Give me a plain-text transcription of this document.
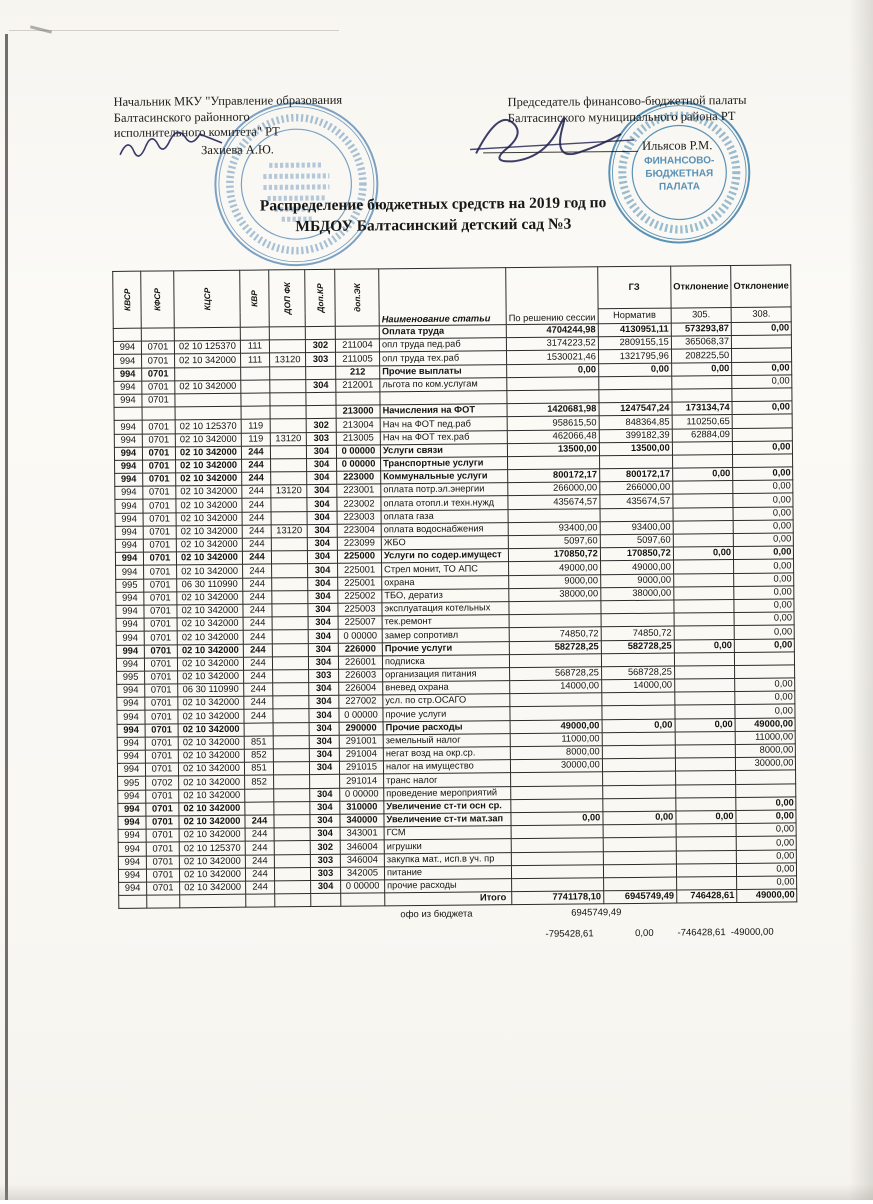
Начальник МКУ "Управление образования
Балтасинского районного
исполнительного комитета" РТ
Захиева А.Ю.
Председатель финансово-бюджетной палаты
Балтасинского муниципального района РТ
Ильясов Р.М.
ФИНАНСОВО-
БЮДЖЕТНАЯ
ПАЛАТА
Распределение бюджетных средств на 2019 год по
МБДОУ Балтасинский детский сад №3
КВСР	КФСР	КЦСР	КВР	ДОП ФК	Доп.КР	доп.ЭК	Наименование статьи	По решению сессии	ГЗ	Отклонение	Отклонение
									Норматив	305.	308.
							Оплата труда	4704244,98	4130951,11	573293,87	0,00
994	0701	02 10 125370	111		302	211004	опл труда пед.раб	3174223,52	2809155,15	365068,37	
994	0701	02 10 342000	111	13120	303	211005	опл труда тех.раб	1530021,46	1321795,96	208225,50	
994	0701					212	Прочие выплаты	0,00	0,00	0,00	0,00
994	0701	02 10 342000			304	212001	льгота по ком.услугам				0,00
994	0701										
						213000	Начисления на ФОТ	1420681,98	1247547,24	173134,74	0,00
994	0701	02 10 125370	119		302	213004	Нач на ФОТ пед.раб	958615,50	848364,85	110250,65	
994	0701	02 10 342000	119	13120	303	213005	Нач на ФОТ тех.раб	462066,48	399182,39	62884,09	
994	0701	02 10 342000	244		304	0 00000	Услуги связи	13500,00	13500,00		0,00
994	0701	02 10 342000	244		304	0 00000	Транспортные услуги				
994	0701	02 10 342000	244		304	223000	Коммунальные услуги	800172,17	800172,17	0,00	0,00
994	0701	02 10 342000	244	13120	304	223001	оплата потр.эл.энергии	266000,00	266000,00		0,00
994	0701	02 10 342000	244		304	223002	оплата отопл.и техн.нужд	435674,57	435674,57		0,00
994	0701	02 10 342000	244		304	223003	оплата газа				0,00
994	0701	02 10 342000	244	13120	304	223004	оплата водоснабжения	93400,00	93400,00		0,00
994	0701	02 10 342000	244		304	223099	ЖБО	5097,60	5097,60		0,00
994	0701	02 10 342000	244		304	225000	Услуги по содер.имущест	170850,72	170850,72	0,00	0,00
994	0701	02 10 342000	244		304	225001	Стрел монит, ТО АПС	49000,00	49000,00		0,00
995	0701	06 30 110990	244		304	225001	охрана	9000,00	9000,00		0,00
994	0701	02 10 342000	244		304	225002	ТБО, дератиз	38000,00	38000,00		0,00
994	0701	02 10 342000	244		304	225003	эксплуатация котельных				0,00
994	0701	02 10 342000	244		304	225007	тек.ремонт				0,00
994	0701	02 10 342000	244		304	0 00000	замер сопротивл	74850,72	74850,72		0,00
994	0701	02 10 342000	244		304	226000	Прочие услуги	582728,25	582728,25	0,00	0,00
994	0701	02 10 342000	244		304	226001	подписка				
995	0701	02 10 342000	244		303	226003	организация питания	568728,25	568728,25		
994	0701	06 30 110990	244		304	226004	вневед охрана	14000,00	14000,00		0,00
994	0701	02 10 342000	244		304	227002	усл. по стр.ОСАГО				0,00
994	0701	02 10 342000	244		304	0 00000	прочие услуги				0,00
994	0701	02 10 342000			304	290000	Прочие расходы	49000,00	0,00	0,00	49000,00
994	0701	02 10 342000	851		304	291001	земельный налог	11000,00			11000,00
994	0701	02 10 342000	852		304	291004	негат возд на окр.ср.	8000,00			8000,00
994	0701	02 10 342000	851		304	291015	налог на имущество	30000,00			30000,00
995	0702	02 10 342000	852			291014	транс налог				
994	0701	02 10 342000			304	0 00000	проведение мероприятий				
994	0701	02 10 342000			304	310000	Увеличение ст-ти осн ср.				0,00
994	0701	02 10 342000	244		304	340000	Увеличение ст-ти мат.зап	0,00	0,00	0,00	0,00
994	0701	02 10 342000	244		304	343001	ГСМ				0,00
994	0701	02 10 125370	244		302	346004	игрушки				0,00
994	0701	02 10 342000	244		303	346004	закупка мат., исп.в уч. пр				0,00
994	0701	02 10 342000	244		303	342005	питание				0,00
994	0701	02 10 342000	244		304	0 00000	прочие расходы				0,00
							Итого	7741178,10	6945749,49	746428,61	49000,00
офо из бюджета	6945749,49
-795428,61	0,00	-746428,61 -49000,00
